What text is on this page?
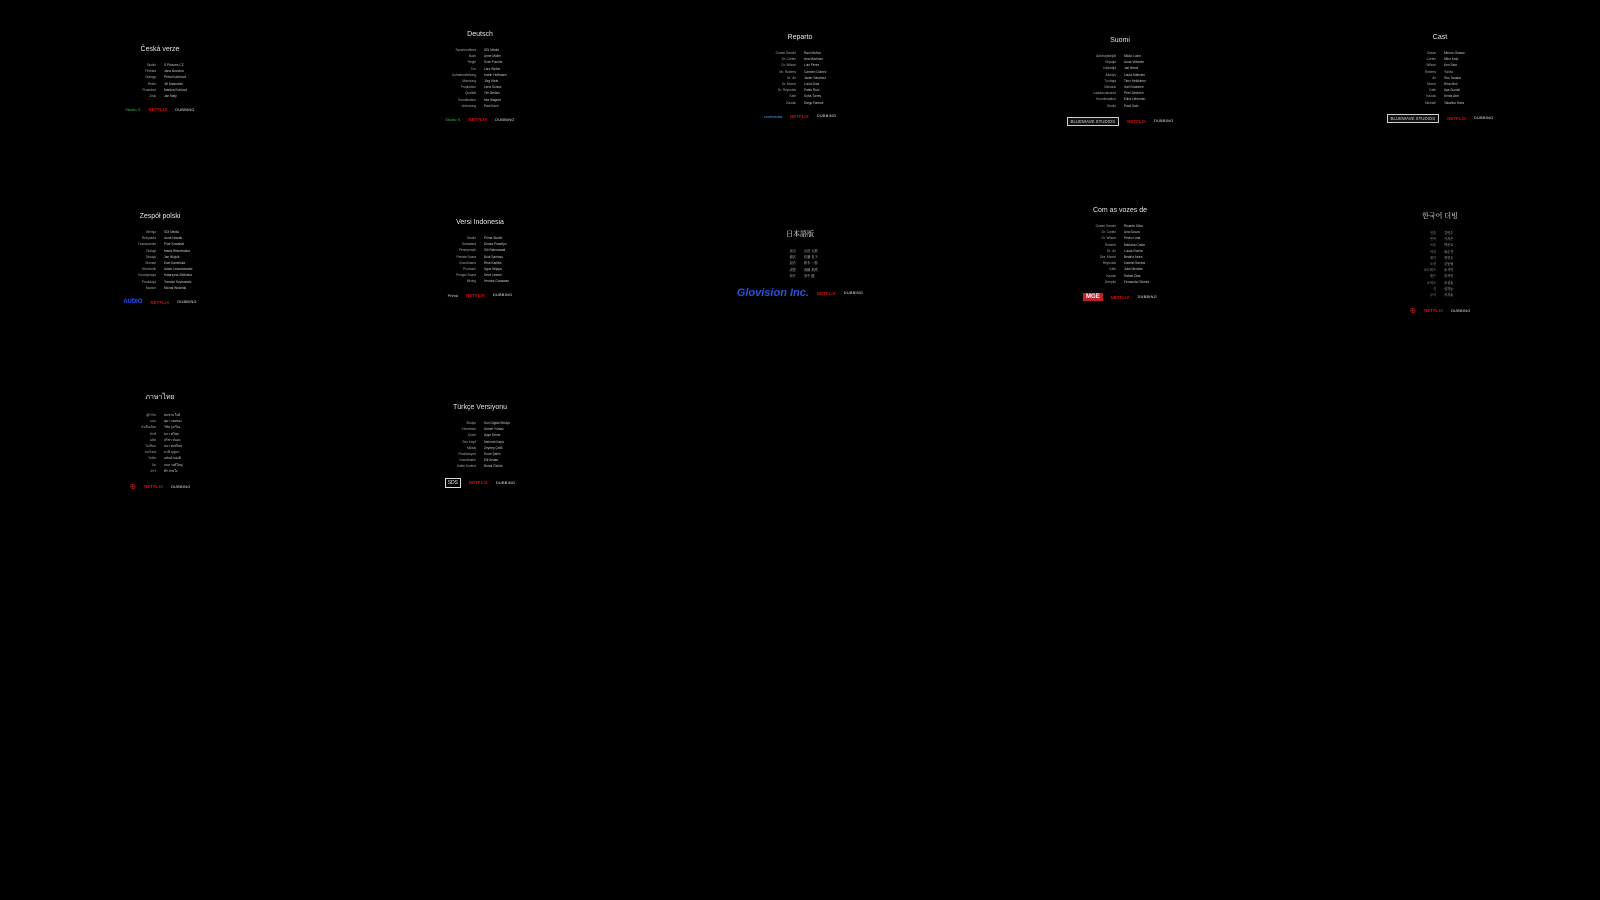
Česká verze
Studio	S Pictures CZ
Překlad	Jana Novotná
Dialogy	Petra Kučerová
Režie	Jiří Matoušek
Produkce	Martina Kohlová
Zvuk	Jan Malý
Studio S NETFLIX DUBBING
Deutsch
Synchronfirma	SDI Media
Buch	Anne Müller
Regie	Sven Fischer
Ton	Lars Weber
Aufnahmeleitung	Katrin Hoffmann
Mischung	Jörg Klein
Produktion	Lena Schulz
Qualität	Tim Becker
Koordination	Mia Wagner
Vertonung	Paul Koch
Studio S NETFLIX DUBBING
Reparto
Ocean Gemini	Raúl Muñoz
Dr. Cortez	Ana Martínez
Dr. Wilson	Luis Pérez
Mr. Roberts	Carmen Gómez
Dr. Jin	Javier Sánchez
Dr. Moore	Lucía Díaz
Sr. Reynolds	Pablo Ruiz
Kath	Sofía Torres
Kazuki	Diego Ramos
cinemedia NETFLIX DUBBING
Suomi
Ääninäyttelijät	Mikko Laine
Ohjaaja	Anna Virtanen
Kääntäjä	Jari Niemi
Äänitys	Laura Mäkinen
Tuottaja	Timo Heikkinen
Miksaus	Sari Koskinen
Laadunvalvonta	Petri Järvinen
Koordinaattori	Elina Lehtonen
Studio	Pauli Salo
BLUEWAVE STUDIOS	NETFLIX DUBBING
Cast
Ocean	Minoru Okawa
Cortez	Miho Kato
Wilson	Ken Sato
Roberts	Yui Ito
Jin	Sho Tanaka
Moore	Rina Mori
Kath	Aya Suzuki
Kazuki	Kenta Abe
Michael	Takahiro Hara
BLUEWAVE STUDIOS	NETFLIX DUBBING
Zespół polski
Wersja	SDI Media
Reżyseria	Anna Nowak
Tłumaczenie	Piotr Kowalski
Dialogi	Marta Wiśniewska
Dźwięk	Jan Wójcik
Montaż	Ewa Kamińska
Kierownik	Adam Lewandowski
Koordynacja	Katarzyna Zielińska
Produkcja	Tomasz Szymański
Nadzór	Michał Woźniak
AUDIO NETFLIX DUBBING
Versi Indonesia
Studio	Prima Studio
Sutradara	Dimas Prasetyo
Penerjemah	Siti Rahmawati
Penata Suara	Budi Santoso
Koordinator	Rina Kartika
Produser	Agus Wijaya
Pengisi Suara	Dewi Lestari
Mixing	Hendra Gunawan
Prima NETFLIX DUBBING
日本語版
演出	山田 太郎
翻訳	佐藤 花子
録音	鈴木 一郎
調整	高橋 美咲
制作	田中 健
Glovision Inc. NETFLIX DUBBING
Com as vozes de
Ocean Gemini	Ricardo Silva
Dr. Cortez	Ana Souza
Dr. Wilson	Pedro Lima
Roberts	Mariana Costa
Dr. Jin	Lucas Rocha
Dra. Moore	Beatriz Alves
Reynolds	Gabriel Santos
Kath	Julia Mendes
Kazuki	Rafael Dias
Direção	Fernanda Oliveira
MGE	NETFLIX DUBBING
한국어 더빙
연출	김민수
번역	이지은
녹음	박준호
믹싱	최수진
제작	정현우
오션	강동원
코르테즈	윤서연
윌슨	한지민
로버츠	조성훈
진	임하늘
무어	서지훈
⊕ NETFLIX DUBBING
ภาษาไทย
ผู้กำกับ	สมชาย ใจดี
แปล	สุดา แสงทอง
บันทึกเสียง	วิชัย รุ่งเรือง
มิกซ์	นภา ศรีสุข
ผลิต	ปรีชา มั่นคง
โอเชียน	ธนา พงษ์ไทย
คอร์เตซ	มาลี บุญมา
วิลสัน	อนันต์ ทองดี
จิน	กมล วงศ์ใหญ่
มัวร์	ศิริ สายใจ
⊕ NETFLIX DUBBING
Türkçe Versiyonu
Stüdyo	Sun Digital Stüdyo
Yönetmen	Ahmet Yılmaz
Çeviri	Ayşe Demir
Ses Kayıt	Mehmet Kaya
Miksaj	Zeynep Çelik
Prodüksiyon	Emre Şahin
Koordinatör	Elif Arslan
Kalite Kontrol	Burak Öztürk
SDS	NETFLIX DUBBING
